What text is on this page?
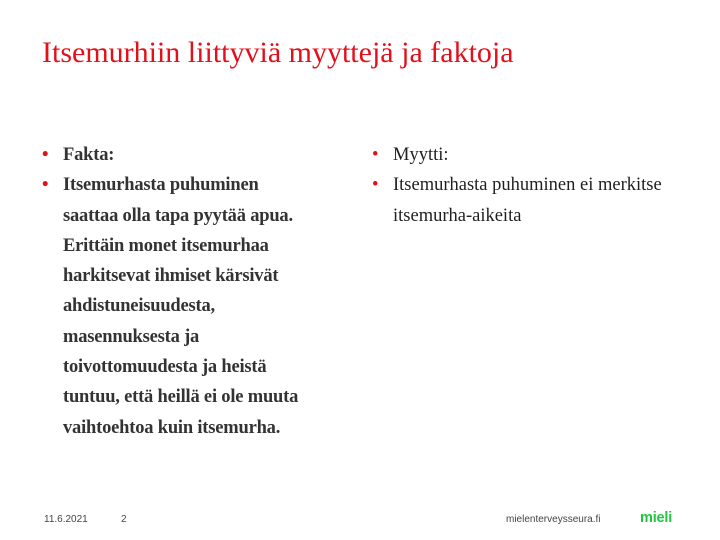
Itsemurhiin liittyviä myyttejä ja faktoja
• Fakta:
• Itsemurhasta puhuminen saattaa olla tapa pyytää apua. Erittäin monet itsemurhaa harkitsevat ihmiset kärsivät ahdistuneisuudesta, masennuksesta ja toivottomuudesta ja heistä tuntuu, että heillä ei ole muuta vaihtoehtoa kuin itsemurha.
• Myytti:
• Itsemurhasta puhuminen ei merkitse itsemurha-aikeita
11.6.2021	2	mielenterveysseura.fi	mieli
